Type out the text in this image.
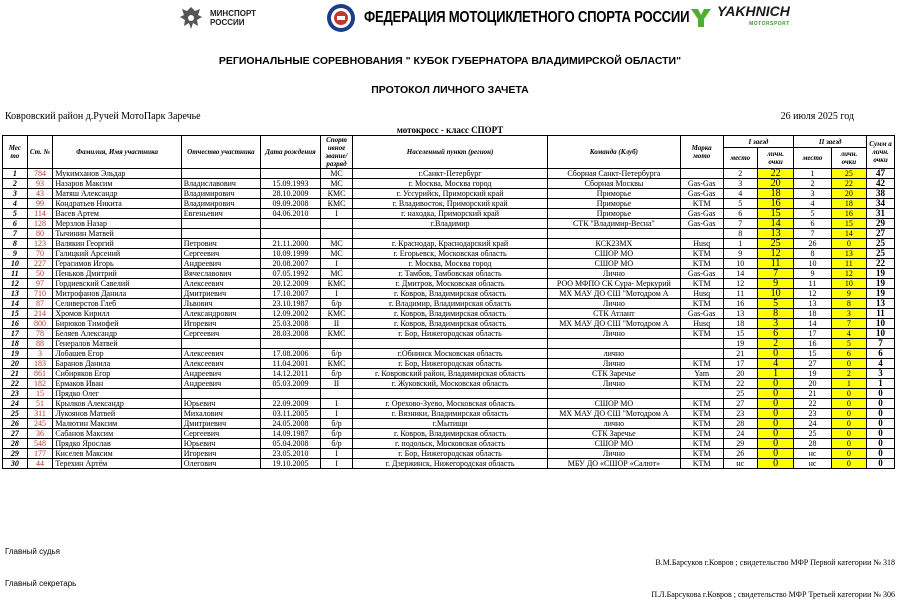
МИНСПОРТ
РОССИИ	ФЕДЕРАЦИЯ МОТОЦИКЛЕТНОГО СПОРТА РОССИИ YAKHNICH
MOTORSPORT
РЕГИОНАЛЬНЫЕ СОРЕВНОВАНИЯ " КУБОК ГУБЕРНАТОРА ВЛАДИМИРСКОЙ ОБЛАСТИ"
ПРОТОКОЛ ЛИЧНОГО ЗАЧЕТА
Ковровский район д.Ручей МотоПарк Заречье	26 июля 2025 год
мотокросс - класс СПОРТ
Мес то	Ст. №	Фамилия, Имя участника	Отчество участника	Дата рождения	Спорт ивное звание/ разряд	Населенный пункт (регион)	Команда (Клуб)	Марка мото	I заезд		II заезд		Сумм а личн. очки
									место	личн. очки	место	личн. очки	
1	784	Мукимханов Эльдар			МС	г.Санкт-Петербург	Сборная Санкт-Петербурга		2	22	1	25	47
2	93	Назаров Максим	Владиславович	15.09.1993	МС	г. Москва, Москва город	Сборная Москвы	Gas-Gas	3	20	2	22	42
3	43	Матяш Александр	Владимирович	28.10.2009	КМС	г. Уссурийск, Приморский край	Приморье	Gas-Gas	4	18	3	20	38
4	99	Кондратьев Никита	Владимирович	09.09.2008	КМС	г. Владивосток, Приморский край	Приморье	KTM	5	16	4	18	34
5	114	Васев Артем	Евгеньевич	04.06.2010	I	г. находка, Приморский край	Приморье	Gas-Gas	6	15	5	16	31
6	128	Мерзлов Назар				г.Владимир	СТК "Владимир-Весна"	Gas-Gas	7	14	6	15	29
7	80	Тычинин Матвей							8	13	7	14	27
8	123	Валякин Георгий	Петрович	21.11.2000	МС	г. Краснодар, Краснодарский край	КСК23МХ	Husq	1	25	26	0	25
9	70	Галицкий Арсений	Сергеевич	10.09.1999	МС	г. Егорьевск, Московская область	СШОР МО	KTM	9	12	8	13	25
10	227	Герасимов Игорь	Андреевич	20.08.2007	I	г. Москва, Москва город	СШОР МО	KTM	10	11	10	11	22
11	50	Пеньков Дмитрий	Вячеславович	07.05.1992	МС	г. Тамбов, Тамбовская область	Лично	Gas-Gas	14	7	9	12	19
12	97	Гордиевский Савелий	Алексеевич	20.12.2009	КМС	г. Дмитров, Московская область	РОО МФПО СК Сура- Меркурий	KTM	12	9	11	10	19
13	710	Митрофанов Данила	Дмитриевич	17.10.2007	I	г. Ковров, Владимирская область	МХ МАУ ДО СШ "Мотодром А	Husq	11	10	12	9	19
14	87	Селиверстов Глеб	Львович	23.10.1987	б/р	г. Владимир, Владимирская область	Лично	KTM	16	5	13	8	13
15	214	Хромов Кирилл	Александрович	12.09.2002	КМС	г. Ковров, Владимирская область	СТК Атлант	Gas-Gas	13	8	18	3	11
16	800	Бирюков Тимофей	Игоревич	25.03.2008	II	г. Ковров, Владимирская область	МХ МАУ ДО СШ "Мотодром А	Husq	18	3	14	7	10
17	78	Беляев Александр	Сергеевич	28.03.2008	КМС	г. Бор, Нижегородская область	Лично	KTM	15	6	17	4	10
18	88	Генералов Матвей							19	2	16	5	7
19	3	Лобашев Егор	Алексеевич	17.08.2006	б/р	г.Обнинск Московская область	лично		21	0	15	6	6
20	183	Баранов Данила	Алексеевич	11.04.2001	КМС	г. Бор, Нижегородская область	Лично	KTM	17	4	27	0	4
21	861	Сибиряков Егор	Андреевич	14.12.2011	б/р	г. Ковровский район, Владимирская область	СТК Заречье	Yam	20	1	19	2	3
22	182	Ермаков Иван	Андреевич	05.03.2009	II	г. Жуковский, Московская область	Лично	KTM	22	0	20	1	1
23	15	Прядко Олег							25	0	21	0	0
24	51	Крылков Александр	Юрьевич	22.09.2009	I	г. Орехово-Зуево, Московская область	СШОР МО	KTM	27	0	22	0	0
25	311	Лукоянов Матвей	Михалович	03.11.2005	I	г. Вязники, Владимирская область	МХ МАУ ДО СШ "Мотодром А	KTM	23	0	23	0	0
26	245	Малютин Максим	Дмитриевич	24.05.2008	б/р	г.Мытищи	лично	KTM	28	0	24	0	0
27	36	Сабанов Максим	Сергеевич	14.09.1987	б/р	г. Ковров, Владимирская область	СТК Заречье	KTM	24	0	25	0	0
28	548	Прядко Ярослав	Юрьевич	05.04.2008	б/р	г. подольск, Московская область	СШОР МО	KTM	29	0	28	0	0
29	177	Киселев Максим	Игоревич	23.05.2010	I	г. Бор, Нижегородская область	Лично	KTM	26	0	нс	0	0
30	44	Терехин Артём	Олегович	19.10.2005	I	г. Дзержинск, Нижегородская область	МБУ ДО «СШОР «Салют»	KTM	нс	0	нс	0	0
Главный судья
В.М.Барсуков г.Ковров ; свидетельство МФР Первой категории № 318
Главный секретарь
П.Л.Барсукова г.Ковров ; свидетельство МФР Третьей категории № 306
